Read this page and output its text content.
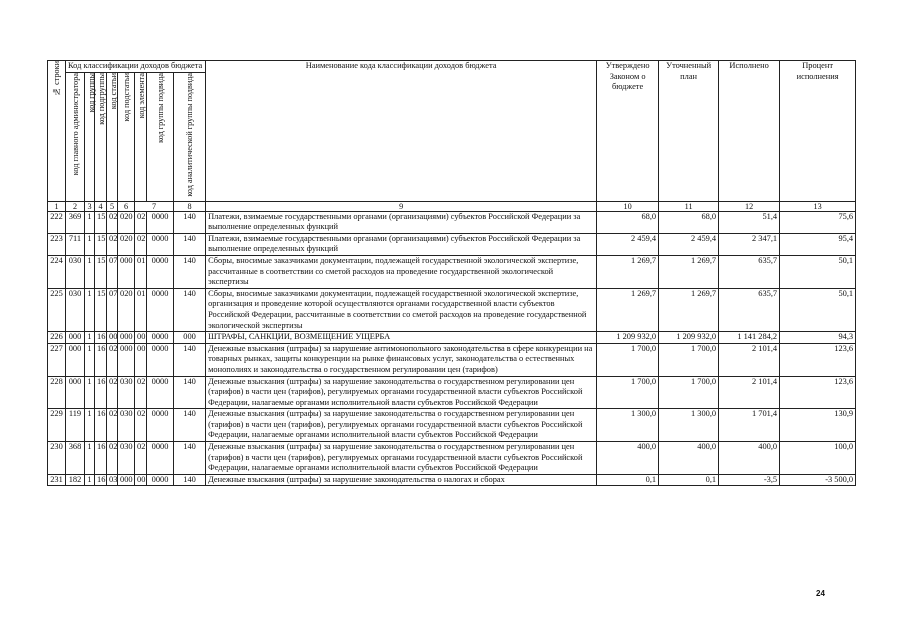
№ строки	Код классификации доходов бюджета								Наименование кода классификации доходов бюджета	Утверждено Законом о бюджете	Уточненный план	Исполнено	Процент исполнения

	код главного администратора	код группы	код подгруппы	код статьи	код подстатьи	код элемента	код группы подвида	код аналитической группы подвида					

1	2	3	4	5	6	7		8	9	10	11	12	13
222	369	1	15	02	020	02	0000	140	Платежи, взимаемые государственными органами (организациями) субъектов Российской Федерации за выполнение определенных функций	68,0	68,0	51,4	75,6
223	711	1	15	02	020	02	0000	140	Платежи, взимаемые государственными органами (организациями) субъектов Российской Федерации за выполнение определенных функций	2 459,4	2 459,4	2 347,1	95,4
224	030	1	15	07	000	01	0000	140	Сборы, вносимые заказчиками документации, подлежащей государственной экологической экспертизе, рассчитанные в соответствии со сметой расходов на проведение государственной экологической экспертизы	1 269,7	1 269,7	635,7	50,1
225	030	1	15	07	020	01	0000	140	Сборы, вносимые заказчиками документации, подлежащей государственной экологической экспертизе, организация и проведение которой осуществляются органами государственной власти субъектов Российской Федерации, рассчитанные в соответствии со сметой расходов на проведение государственной экологической экспертизы	1 269,7	1 269,7	635,7	50,1
226	000	1	16	00	000	00	0000	000	ШТРАФЫ, САНКЦИИ, ВОЗМЕЩЕНИЕ УЩЕРБА	1 209 932,0	1 209 932,0	1 141 284,2	94,3
227	000	1	16	02	000	00	0000	140	Денежные взыскания (штрафы) за нарушение антимонопольного законодательства в сфере конкуренции на товарных рынках, защиты конкуренции на рынке финансовых услуг, законодательства о естественных монополиях и законодательства о государственном регулировании цен (тарифов)	1 700,0	1 700,0	2 101,4	123,6
228	000	1	16	02	030	02	0000	140	Денежные взыскания (штрафы) за нарушение законодательства о государственном регулировании цен (тарифов) в части цен (тарифов), регулируемых органами государственной власти субъектов Российской Федерации, налагаемые органами исполнительной власти субъектов Российской Федерации	1 700,0	1 700,0	2 101,4	123,6
229	119	1	16	02	030	02	0000	140	Денежные взыскания (штрафы) за нарушение законодательства о государственном регулировании цен (тарифов) в части цен (тарифов), регулируемых органами государственной власти субъектов Российской Федерации, налагаемые органами исполнительной власти субъектов Российской Федерации	1 300,0	1 300,0	1 701,4	130,9
230	368	1	16	02	030	02	0000	140	Денежные взыскания (штрафы) за нарушение законодательства о государственном регулировании цен (тарифов) в части цен (тарифов), регулируемых органами государственной власти субъектов Российской Федерации, налагаемые органами исполнительной власти субъектов Российской Федерации	400,0	400,0	400,0	100,0
231	182	1	16	03	000	00	0000	140	Денежные взыскания (штрафы) за нарушение законодательства о налогах и сборах	0,1	0,1	-3,5	-3 500,0
24
